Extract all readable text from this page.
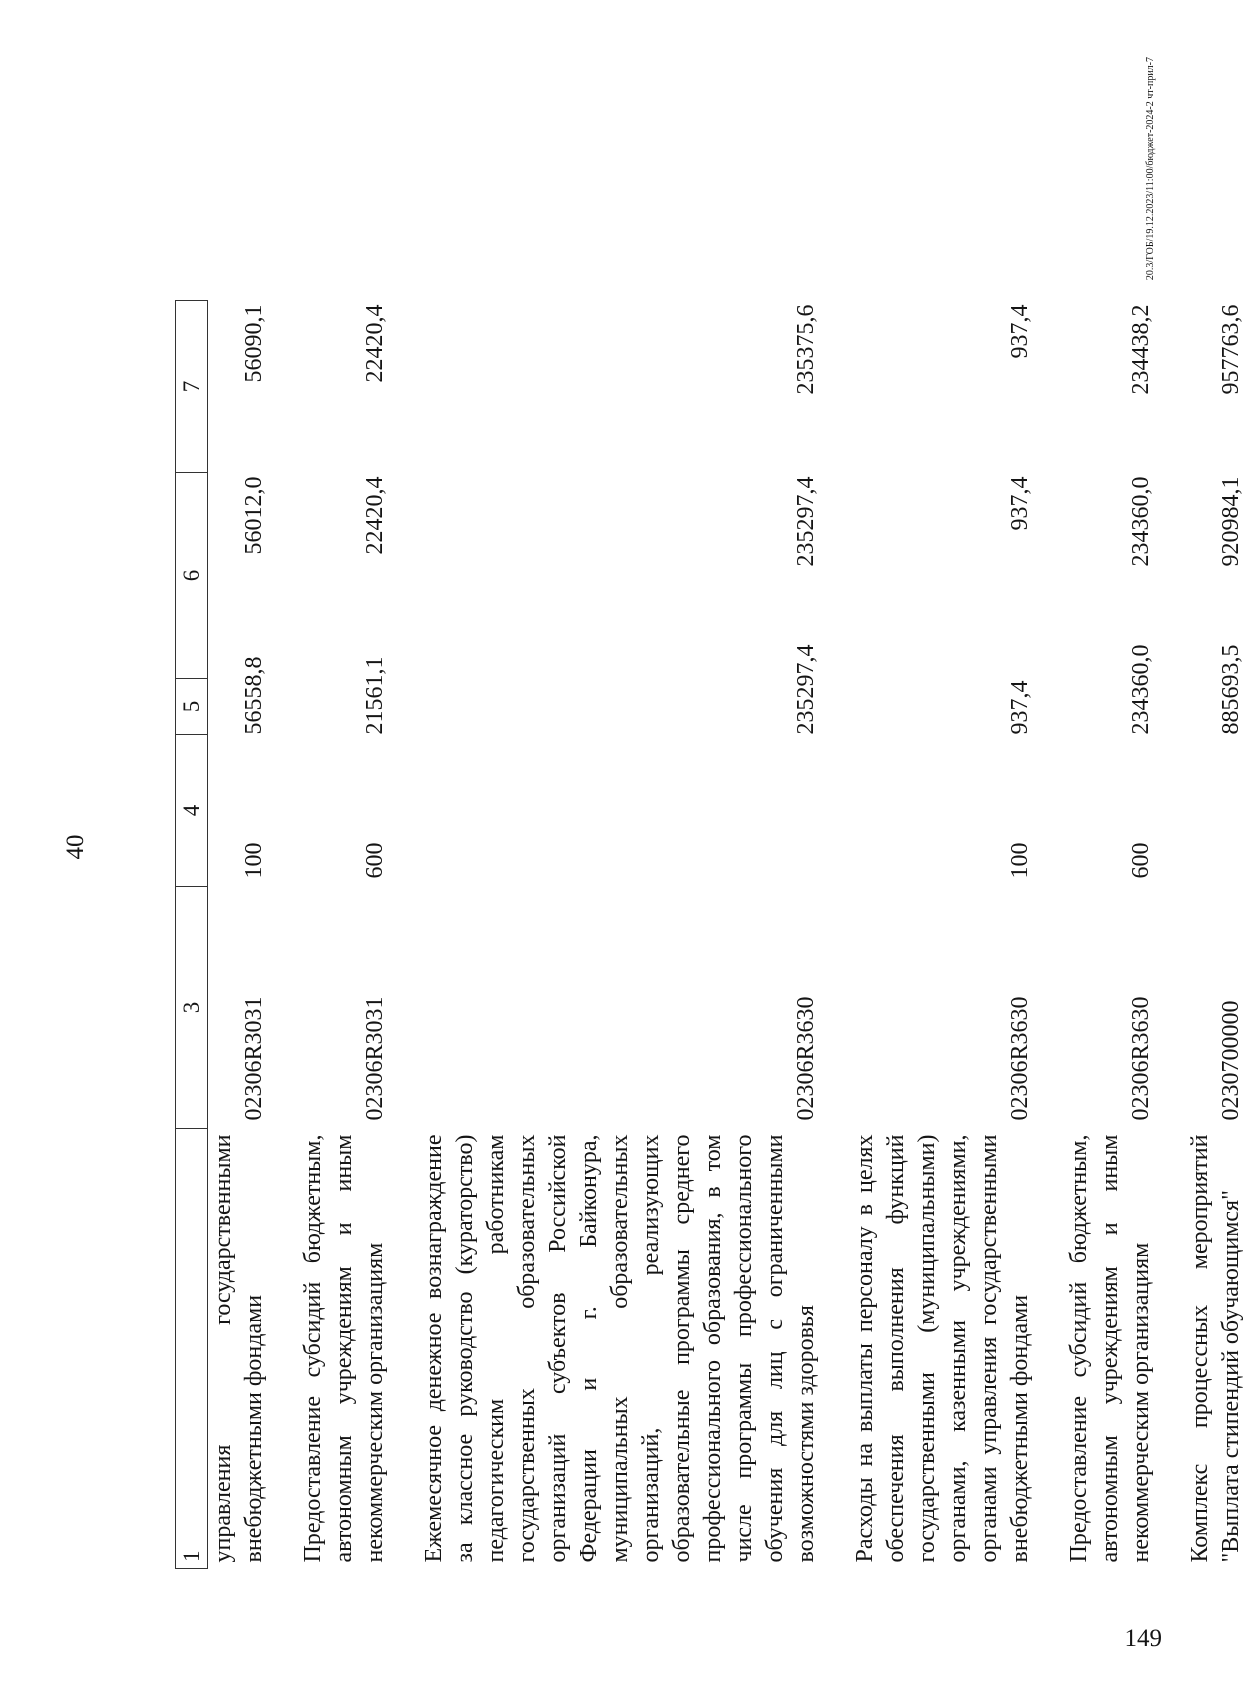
40
1	3	4	5	6	7
управления государственными внебюджетными фондами	02306R3031	100	56558,8	56012,0	56090,1

Предоставление субсидий бюджетным, автономным учреждениям и иным некоммерческим организациям	02306R3031	600	21561,1	22420,4	22420,4

Ежемесячное денежное вознаграждение за классное руководство (кураторство) педагогическим работникам государственных образовательных организаций субъектов Российской Федерации и г. Байконура, муниципальных образовательных организаций, реализующих образовательные программы среднего профессионального образования, в том числе программы профессионального обучения для лиц с ограниченными возможностями здоровья	02306R3630		235297,4	235297,4	235375,6

Расходы на выплаты персоналу в целях обеспечения выполнения функций государственными (муниципальными) органами, казенными учреждениями, органами управления государственными внебюджетными фондами	02306R3630	100	937,4	937,4	937,4

Предоставление субсидий бюджетным, автономным учреждениям и иным некоммерческим организациям	02306R3630	600	234360,0	234360,0	234438,2

Комплекс процессных мероприятий "Выплата стипендий обучающимся"	0230700000		885693,5	920984,1	957763,6
20.3/ГОБ/19.12.2023/11:00/бюджет-2024-2 чт-прил-7
149
